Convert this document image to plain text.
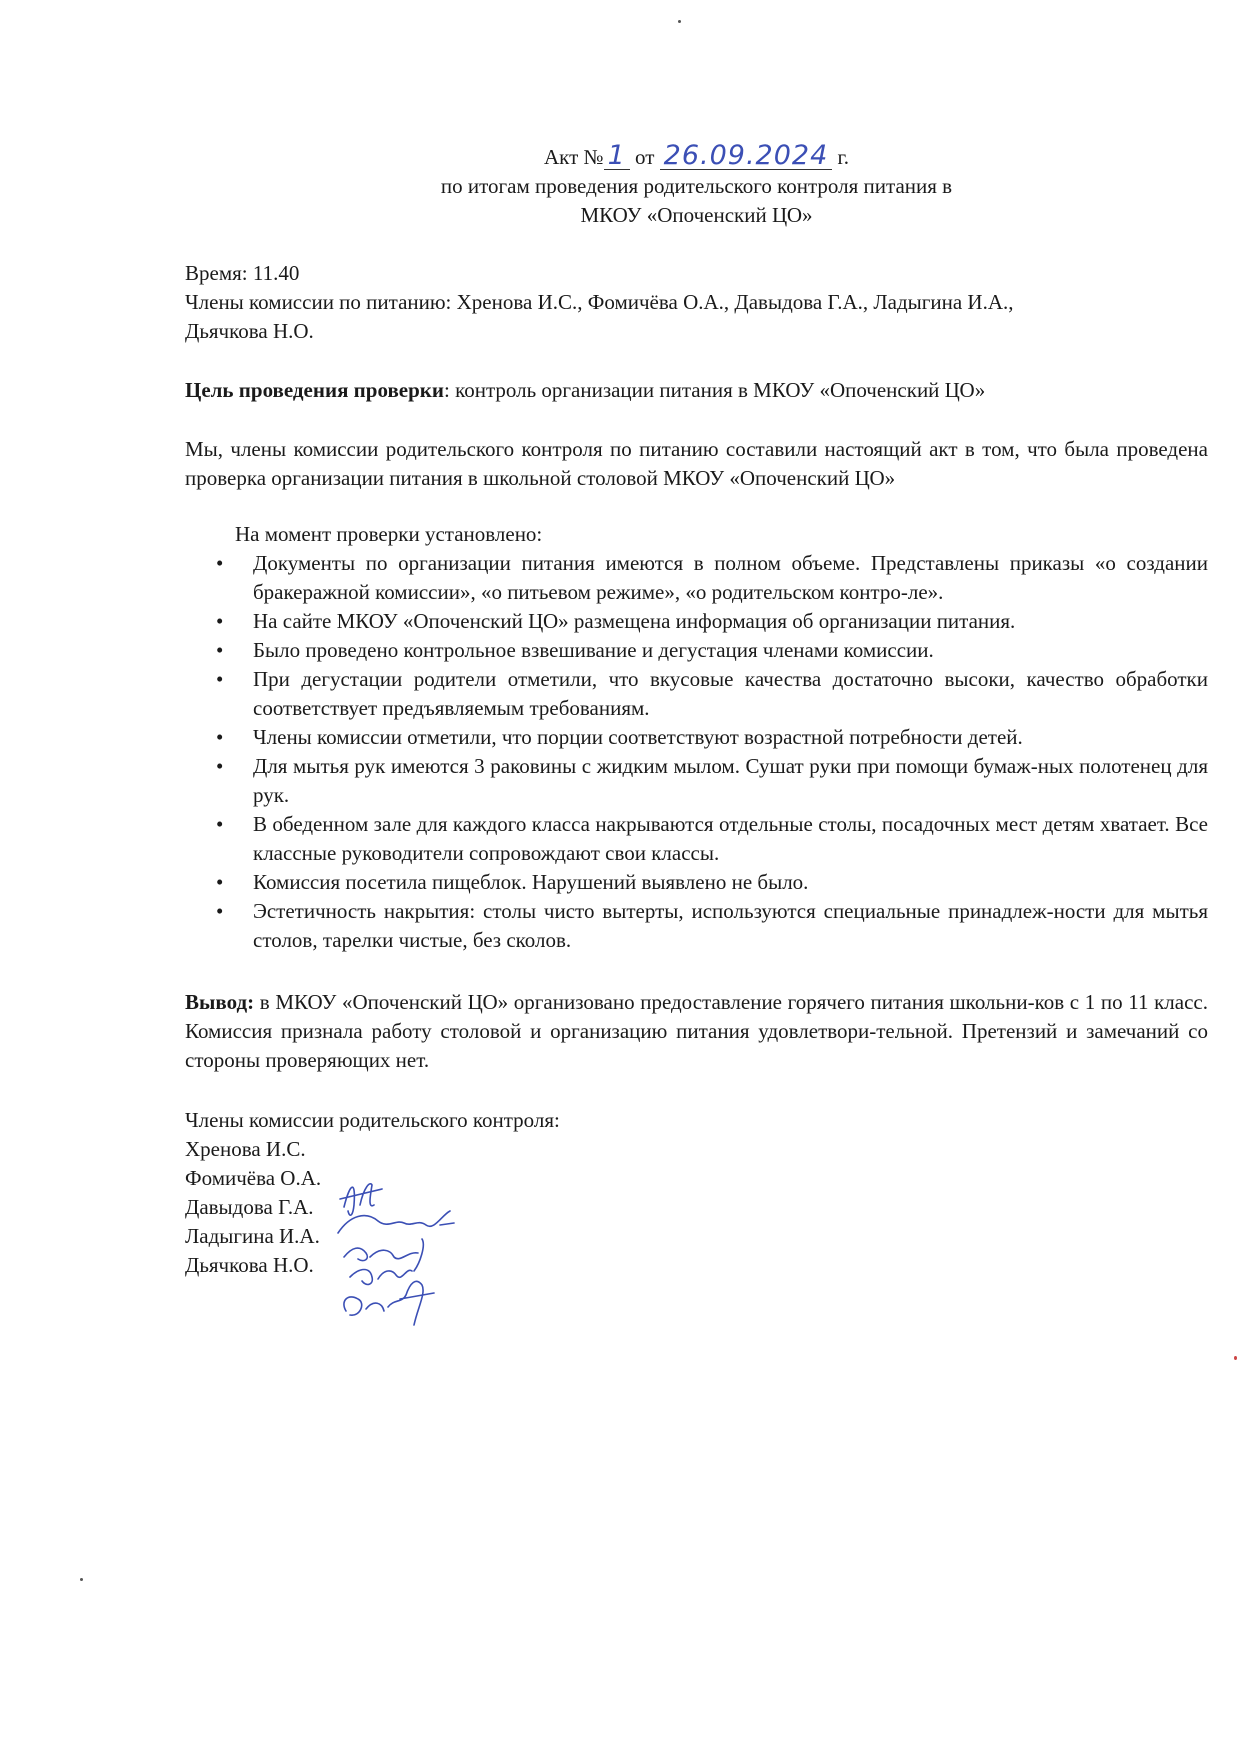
Акт № 1 от 26.09.2024 г.
по итогам проведения родительского контроля питания в
МКОУ «Опоченский ЦО»
Время: 11.40
Члены комиссии по питанию: Хренова И.С., Фомичёва О.А., Давыдова Г.А., Ладыгина И.А.,
Дьячкова Н.О.
Цель проведения проверки: контроль организации питания в МКОУ «Опоченский ЦО»
Мы, члены комиссии родительского контроля по питанию составили настоящий акт в том, что была проведена проверка организации питания в школьной столовой МКОУ «Опоченский ЦО»
На момент проверки установлено:
• Документы по организации питания имеются в полном объеме. Представлены приказы «о создании бракеражной комиссии», «о питьевом режиме», «о родительском контро-ле».
• На сайте МКОУ «Опоченский ЦО» размещена информация об организации питания.
• Было проведено контрольное взвешивание и дегустация членами комиссии.
• При дегустации родители отметили, что вкусовые качества достаточно высоки, качество обработки соответствует предъявляемым требованиям.
• Члены комиссии отметили, что порции соответствуют возрастной потребности детей.
• Для мытья рук имеются 3 раковины с жидким мылом. Сушат руки при помощи бумаж-ных полотенец для рук.
• В обеденном зале для каждого класса накрываются отдельные столы, посадочных мест детям хватает. Все классные руководители сопровождают свои классы.
• Комиссия посетила пищеблок. Нарушений выявлено не было.
• Эстетичность накрытия: столы чисто вытерты, используются специальные принадлеж-ности для мытья столов, тарелки чистые, без сколов.
Вывод: в МКОУ «Опоченский ЦО» организовано предоставление горячего питания школьни-ков с 1 по 11 класс. Комиссия признала работу столовой и организацию питания удовлетвори-тельной. Претензий и замечаний со стороны проверяющих нет.
Члены комиссии родительского контроля:
Хренова И.С.
Фомичёва О.А.
Давыдова Г.А.
Ладыгина И.А.
Дьячкова Н.О.
